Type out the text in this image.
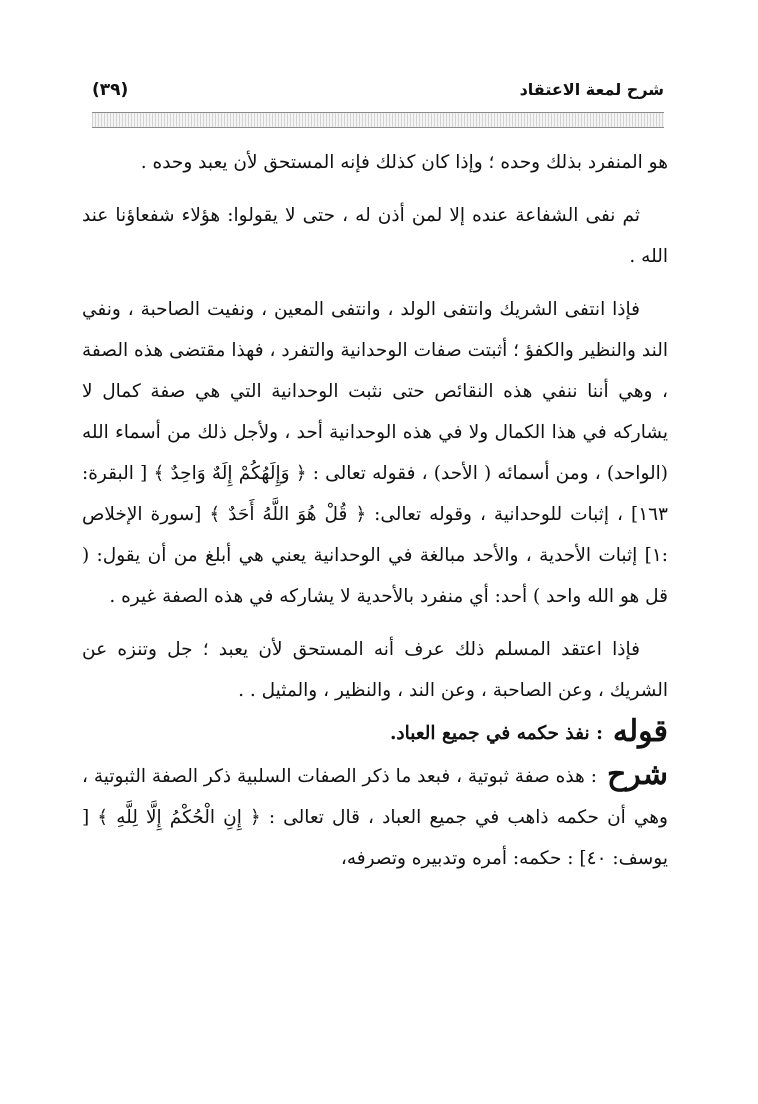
شرح لمعة الاعتقاد
(٣٩)

هو المنفرد بذلك وحده ؛ وإذا كان كذلك فإنه المستحق لأن يعبد وحده .

ثم نفى الشفاعة عنده إلا لمن أذن له ، حتى لا يقولوا: هؤلاء شفعاؤنا عند الله .

فإذا انتفى الشريك وانتفى الولد ، وانتفى المعين ، ونفيت الصاحبة ، ونفي الند والنظير والكفؤ ؛ أثبتت صفات الوحدانية والتفرد ، فهذا مقتضى هذه الصفة ، وهي أننا ننفي هذه النقائص حتى نثبت الوحدانية التي هي صفة كمال لا يشاركه في هذا الكمال ولا في هذه الوحدانية أحد ، ولأجل ذلك من أسماء الله (الواحد) ، ومن أسمائه ( الأحد) ، فقوله تعالى : ﴿ وَإِلَهُكُمْ إِلَهٌ وَاحِدٌ ﴾ [ البقرة: ١٦٣] ، إثبات للوحدانية ، وقوله تعالى: ﴿ قُلْ هُوَ اللَّهُ أَحَدٌ ﴾ [سورة الإخلاص :١] إثبات الأحدية ، والأحد مبالغة في الوحدانية يعني هي أبلغ من أن يقول: ( قل هو الله واحد ) أحد: أي منفرد بالأحدية لا يشاركه في هذه الصفة غيره .

فإذا اعتقد المسلم ذلك عرف أنه المستحق لأن يعبد ؛ جل وتنزه عن الشريك ، وعن الصاحبة ، وعن الند ، والنظير ، والمثيل . .

قوله: نفذ حكمه في جميع العباد.

شرح: هذه صفة ثبوتية ، فبعد ما ذكر الصفات السلبية ذكر الصفة الثبوتية ، وهي أن حكمه ذاهب في جميع العباد ، قال تعالى : ﴿ إِنِ الْحُكْمُ إِلَّا لِلَّهِ ﴾ [ يوسف: ٤٠] : حكمه: أمره وتدبيره وتصرفه،
